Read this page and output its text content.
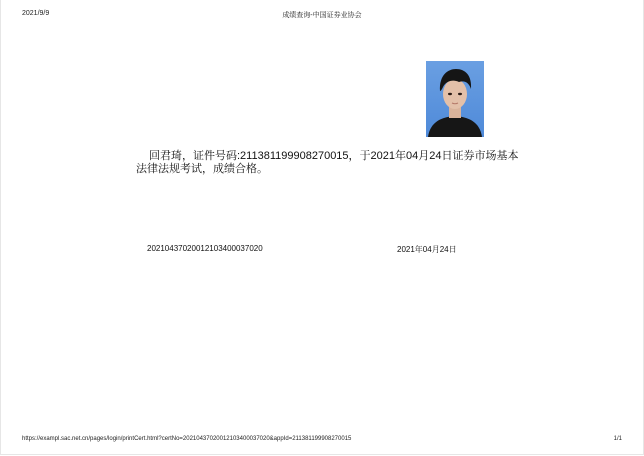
2021/9/9	成绩查询-中国证券业协会
回君琦，证件号码:211381199908270015，于2021年04月24日证券市场基本法律法规考试，成绩合格。
20210437020012103400037020	2021年04月24日
https://exampl.sac.net.cn/pages/login/printCert.html?certNo=20210437020012103400037020&appId=211381199908270015	1/1
